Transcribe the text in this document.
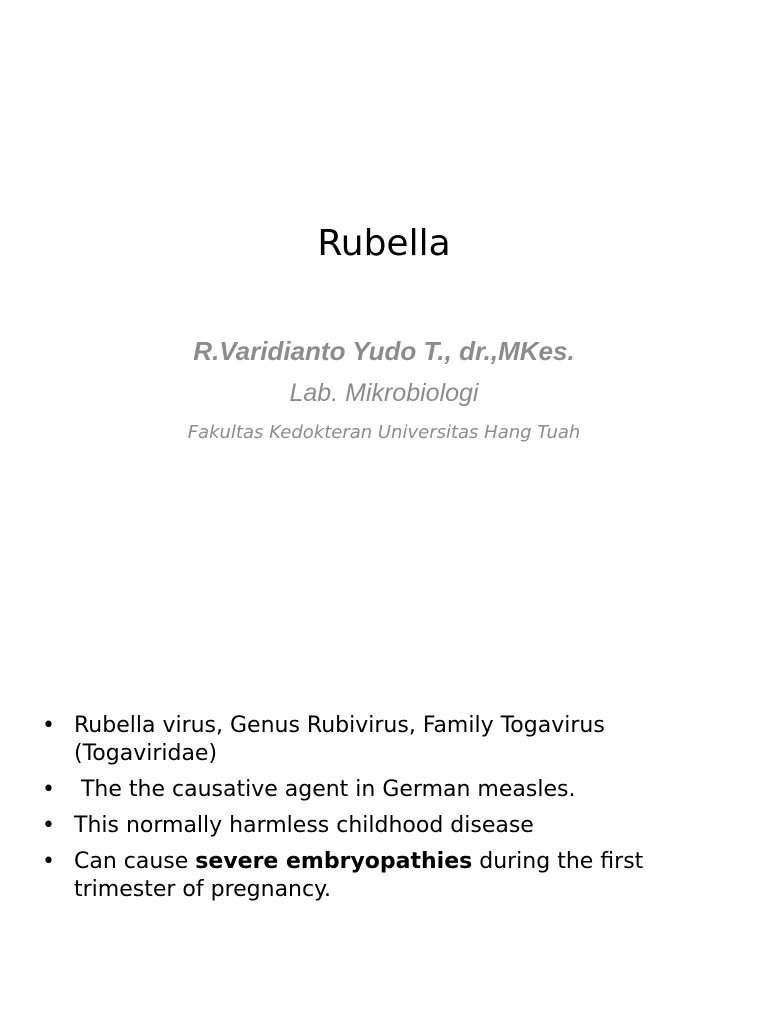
Rubella
R.Varidianto Yudo T., dr.,MKes.
Lab. Mikrobiologi
Fakultas Kedokteran Universitas Hang Tuah
• Rubella virus, Genus Rubivirus, Family Togavirus (Togaviridae)
• The the causative agent in German measles.
• This normally harmless childhood disease
• Can cause severe embryopathies during the first trimester of pregnancy.
